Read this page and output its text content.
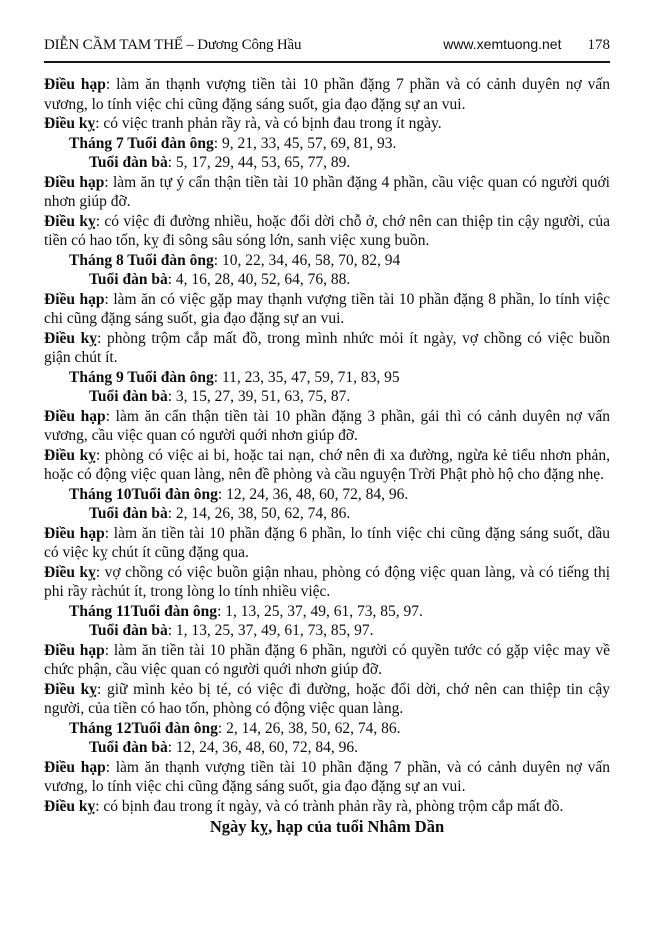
DIỄN CẦM TAM THẾ – Dương Công Hầu	www.xemtuong.net 178

Điều hạp: làm ăn thạnh vượng tiền tài 10 phần đặng 7 phần và có cảnh duyên nợ vấn vương, lo tính việc chi cũng đặng sáng suốt, gia đạo đặng sự an vui.

Điều kỵ: có việc tranh phản rầy rà, và có bịnh đau trong ít ngày.

Tháng 7 Tuổi đàn ông: 9, 21, 33, 45, 57, 69, 81, 93.

Tuổi đàn bà: 5, 17, 29, 44, 53, 65, 77, 89.

Điều hạp: làm ăn tự ý cẩn thận tiền tài 10 phần đặng 4 phần, cầu việc quan có người quới nhơn giúp đỡ.

Điều kỵ: có việc đi đường nhiều, hoặc đổi dời chỗ ở, chớ nên can thiệp tin cậy người, của tiền có hao tốn, kỵ đi sông sâu sóng lớn, sanh việc xung buồn.

Tháng 8 Tuổi đàn ông: 10, 22, 34, 46, 58, 70, 82, 94

Tuổi đàn bà: 4, 16, 28, 40, 52, 64, 76, 88.

Điều hạp: làm ăn có việc gặp may thạnh vượng tiền tài 10 phần đặng 8 phần, lo tính việc chi cũng đặng sáng suốt, gia đạo đặng sự an vui.

Điều kỵ: phòng trộm cắp mất đồ, trong mình nhức mỏi ít ngày, vợ chồng có việc buồn giận chút ít.

Tháng 9 Tuổi đàn ông: 11, 23, 35, 47, 59, 71, 83, 95

Tuổi đàn bà: 3, 15, 27, 39, 51, 63, 75, 87.

Điều hạp: làm ăn cẩn thận tiền tài 10 phần đặng 3 phần, gái thì có cảnh duyên nợ vấn vương, cầu việc quan có người quới nhơn giúp đỡ.

Điều kỵ: phòng có việc ai bi, hoặc tai nạn, chớ nên đi xa đường, ngừa kẻ tiểu nhơn phản, hoặc có động việc quan làng, nên đề phòng và cầu nguyện Trời Phật phò hộ cho đặng nhẹ.

Tháng 10Tuổi đàn ông: 12, 24, 36, 48, 60, 72, 84, 96.

Tuổi đàn bà: 2, 14, 26, 38, 50, 62, 74, 86.

Điều hạp: làm ăn tiền tài 10 phần đặng 6 phần, lo tính việc chi cũng đặng sáng suốt, dầu có việc kỵ chút ít cũng đặng qua.

Điều kỵ: vợ chồng có việc buồn giận nhau, phòng có động việc quan làng, và có tiếng thị phi rầy ràchút ít, trong lòng lo tính nhiều việc.

Tháng 11Tuổi đàn ông: 1, 13, 25, 37, 49, 61, 73, 85, 97.

Tuổi đàn bà: 1, 13, 25, 37, 49, 61, 73, 85, 97.

Điều hạp: làm ăn tiền tài 10 phần đặng 6 phần, người có quyền tước có gặp việc may về chức phận, cầu việc quan có người quới nhơn giúp đỡ.

Điều kỵ: giữ mình kẻo bị té, có việc đi đường, hoặc đổi dời, chớ nên can thiệp tin cậy người, của tiền có hao tốn, phòng có động việc quan làng.

Tháng 12Tuổi đàn ông: 2, 14, 26, 38, 50, 62, 74, 86.

Tuổi đàn bà: 12, 24, 36, 48, 60, 72, 84, 96.

Điều hạp: làm ăn thạnh vượng tiền tài 10 phần đặng 7 phần, và có cảnh duyên nợ vấn vương, lo tính việc chi cũng đặng sáng suốt, gia đạo đặng sự an vui.

Điều kỵ: có bịnh đau trong ít ngày, và có trành phản rầy rà, phòng trộm cắp mất đồ.

Ngày kỵ, hạp của tuổi Nhâm Dần
